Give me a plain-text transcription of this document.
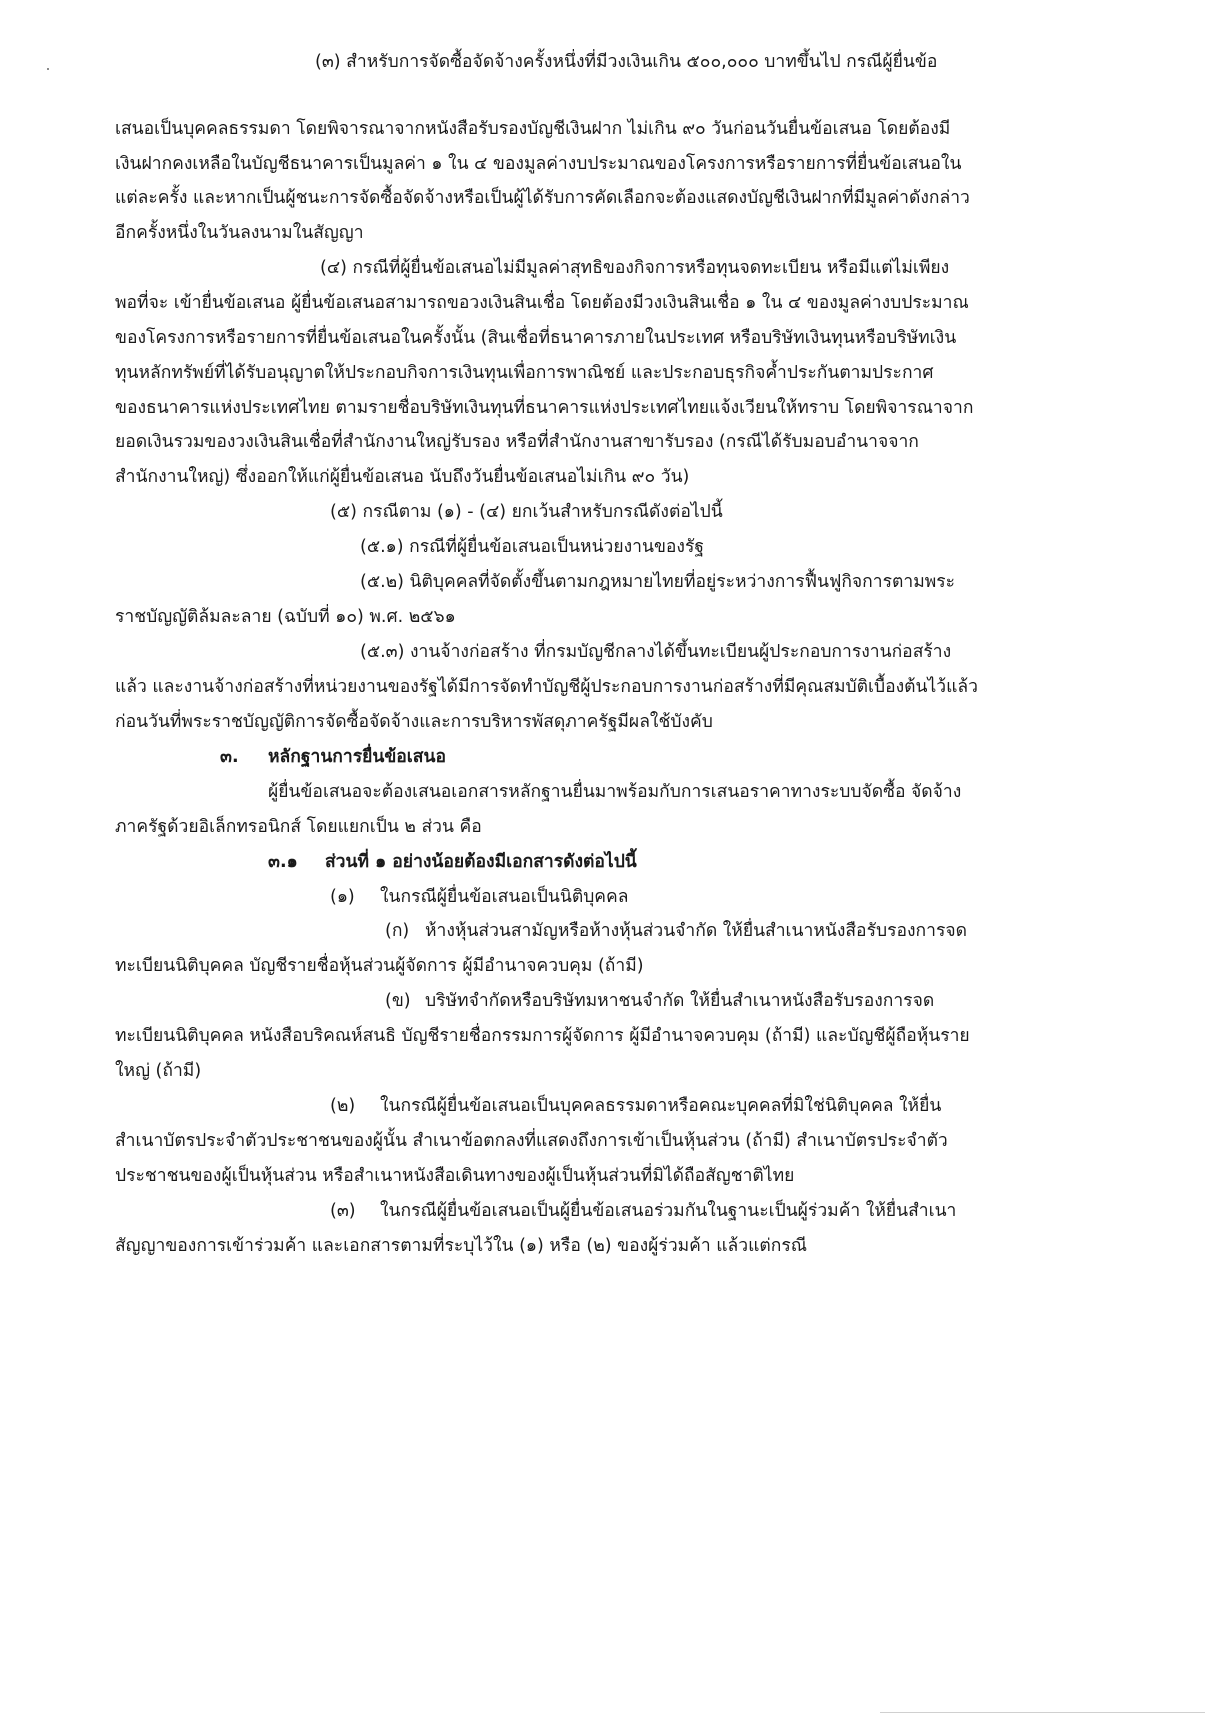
(๓) สำหรับการจัดซื้อจัดจ้างครั้งหนึ่งที่มีวงเงินเกิน ๕๐๐,๐๐๐ บาทขึ้นไป กรณีผู้ยื่นข้อ

เสนอเป็นบุคคลธรรมดา โดยพิจารณาจากหนังสือรับรองบัญชีเงินฝาก ไม่เกิน ๙๐ วันก่อนวันยื่นข้อเสนอ โดยต้องมี

เงินฝากคงเหลือในบัญชีธนาคารเป็นมูลค่า ๑ ใน ๔ ของมูลค่างบประมาณของโครงการหรือรายการที่ยื่นข้อเสนอใน

แต่ละครั้ง และหากเป็นผู้ชนะการจัดซื้อจัดจ้างหรือเป็นผู้ได้รับการคัดเลือกจะต้องแสดงบัญชีเงินฝากที่มีมูลค่าดังกล่าว

อีกครั้งหนึ่งในวันลงนามในสัญญา

(๔) กรณีที่ผู้ยื่นข้อเสนอไม่มีมูลค่าสุทธิของกิจการหรือทุนจดทะเบียน หรือมีแต่ไม่เพียง

พอที่จะ เข้ายื่นข้อเสนอ ผู้ยื่นข้อเสนอสามารถขอวงเงินสินเชื่อ โดยต้องมีวงเงินสินเชื่อ ๑ ใน ๔ ของมูลค่างบประมาณ

ของโครงการหรือรายการที่ยื่นข้อเสนอในครั้งนั้น (สินเชื่อที่ธนาคารภายในประเทศ หรือบริษัทเงินทุนหรือบริษัทเงิน

ทุนหลักทรัพย์ที่ได้รับอนุญาตให้ประกอบกิจการเงินทุนเพื่อการพาณิชย์ และประกอบธุรกิจค้ำประกันตามประกาศ

ของธนาคารแห่งประเทศไทย ตามรายชื่อบริษัทเงินทุนที่ธนาคารแห่งประเทศไทยแจ้งเวียนให้ทราบ โดยพิจารณาจาก

ยอดเงินรวมของวงเงินสินเชื่อที่สำนักงานใหญ่รับรอง หรือที่สำนักงานสาขารับรอง (กรณีได้รับมอบอำนาจจาก

สำนักงานใหญ่) ซึ่งออกให้แก่ผู้ยื่นข้อเสนอ นับถึงวันยื่นข้อเสนอไม่เกิน ๙๐ วัน)

(๕) กรณีตาม (๑) - (๔) ยกเว้นสำหรับกรณีดังต่อไปนี้

(๕.๑) กรณีที่ผู้ยื่นข้อเสนอเป็นหน่วยงานของรัฐ

(๕.๒) นิติบุคคลที่จัดตั้งขึ้นตามกฎหมายไทยที่อยู่ระหว่างการฟื้นฟูกิจการตามพระ

ราชบัญญัติล้มละลาย (ฉบับที่ ๑๐) พ.ศ. ๒๕๖๑

(๕.๓) งานจ้างก่อสร้าง ที่กรมบัญชีกลางได้ขึ้นทะเบียนผู้ประกอบการงานก่อสร้าง

แล้ว และงานจ้างก่อสร้างที่หน่วยงานของรัฐได้มีการจัดทำบัญชีผู้ประกอบการงานก่อสร้างที่มีคุณสมบัติเบื้องต้นไว้แล้ว

ก่อนวันที่พระราชบัญญัติการจัดซื้อจัดจ้างและการบริหารพัสดุภาครัฐมีผลใช้บังคับ

๓. หลักฐานการยื่นข้อเสนอ

ผู้ยื่นข้อเสนอจะต้องเสนอเอกสารหลักฐานยื่นมาพร้อมกับการเสนอราคาทางระบบจัดซื้อ จัดจ้าง

ภาครัฐด้วยอิเล็กทรอนิกส์ โดยแยกเป็น ๒ ส่วน คือ

๓.๑ ส่วนที่ ๑ อย่างน้อยต้องมีเอกสารดังต่อไปนี้

(๑) ในกรณีผู้ยื่นข้อเสนอเป็นนิติบุคคล

(ก) ห้างหุ้นส่วนสามัญหรือห้างหุ้นส่วนจำกัด ให้ยื่นสำเนาหนังสือรับรองการจด

ทะเบียนนิติบุคคล บัญชีรายชื่อหุ้นส่วนผู้จัดการ ผู้มีอำนาจควบคุม (ถ้ามี)

(ข) บริษัทจำกัดหรือบริษัทมหาชนจำกัด ให้ยื่นสำเนาหนังสือรับรองการจด

ทะเบียนนิติบุคคล หนังสือบริคณห์สนธิ บัญชีรายชื่อกรรมการผู้จัดการ ผู้มีอำนาจควบคุม (ถ้ามี) และบัญชีผู้ถือหุ้นราย

ใหญ่ (ถ้ามี)

(๒) ในกรณีผู้ยื่นข้อเสนอเป็นบุคคลธรรมดาหรือคณะบุคคลที่มิใช่นิติบุคคล ให้ยื่น

สำเนาบัตรประจำตัวประชาชนของผู้นั้น สำเนาข้อตกลงที่แสดงถึงการเข้าเป็นหุ้นส่วน (ถ้ามี) สำเนาบัตรประจำตัว

ประชาชนของผู้เป็นหุ้นส่วน หรือสำเนาหนังสือเดินทางของผู้เป็นหุ้นส่วนที่มิได้ถือสัญชาติไทย

(๓) ในกรณีผู้ยื่นข้อเสนอเป็นผู้ยื่นข้อเสนอร่วมกันในฐานะเป็นผู้ร่วมค้า ให้ยื่นสำเนา

สัญญาของการเข้าร่วมค้า และเอกสารตามที่ระบุไว้ใน (๑) หรือ (๒) ของผู้ร่วมค้า แล้วแต่กรณี
